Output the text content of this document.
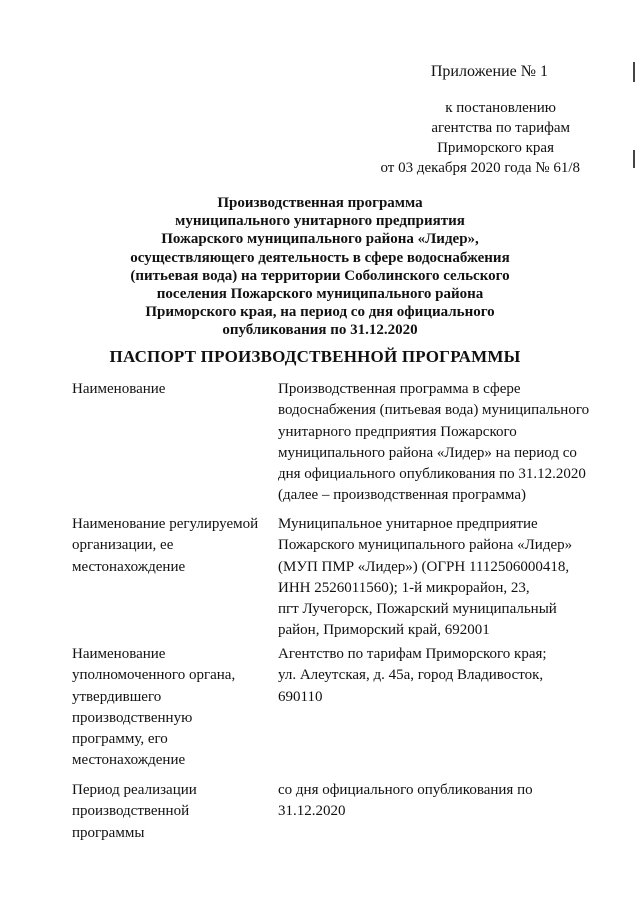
Приложение № 1
к постановлению
агентства по тарифам
Приморского края
от 03 декабря 2020 года № 61/8
Производственная программа
муниципального унитарного предприятия
Пожарского муниципального района «Лидер»,
осуществляющего деятельность в сфере водоснабжения
(питьевая вода) на территории Соболинского сельского
поселения Пожарского муниципального района
Приморского края, на период со дня официального
опубликования по 31.12.2020
ПАСПОРТ ПРОИЗВОДСТВЕННОЙ ПРОГРАММЫ
Наименование	Производственная программа в сфере
водоснабжения (питьевая вода) муниципального
унитарного предприятия Пожарского
муниципального района «Лидер» на период со
дня официального опубликования по 31.12.2020
(далее – производственная программа)
Наименование регулируемой
организации, ее
местонахождение
Муниципальное унитарное предприятие
Пожарского муниципального района «Лидер»
(МУП ПМР «Лидер») (ОГРН 1112506000418,
ИНН 2526011560); 1-й микрорайон, 23,
пгт Лучегорск, Пожарский муниципальный
район, Приморский край, 692001
Наименование
уполномоченного органа,
утвердившего
производственную
программу, его
местонахождение
Агентство по тарифам Приморского края;
ул. Алеутская, д. 45а, город Владивосток,
690110
Период реализации
производственной
программы
со дня официального опубликования по
31.12.2020
